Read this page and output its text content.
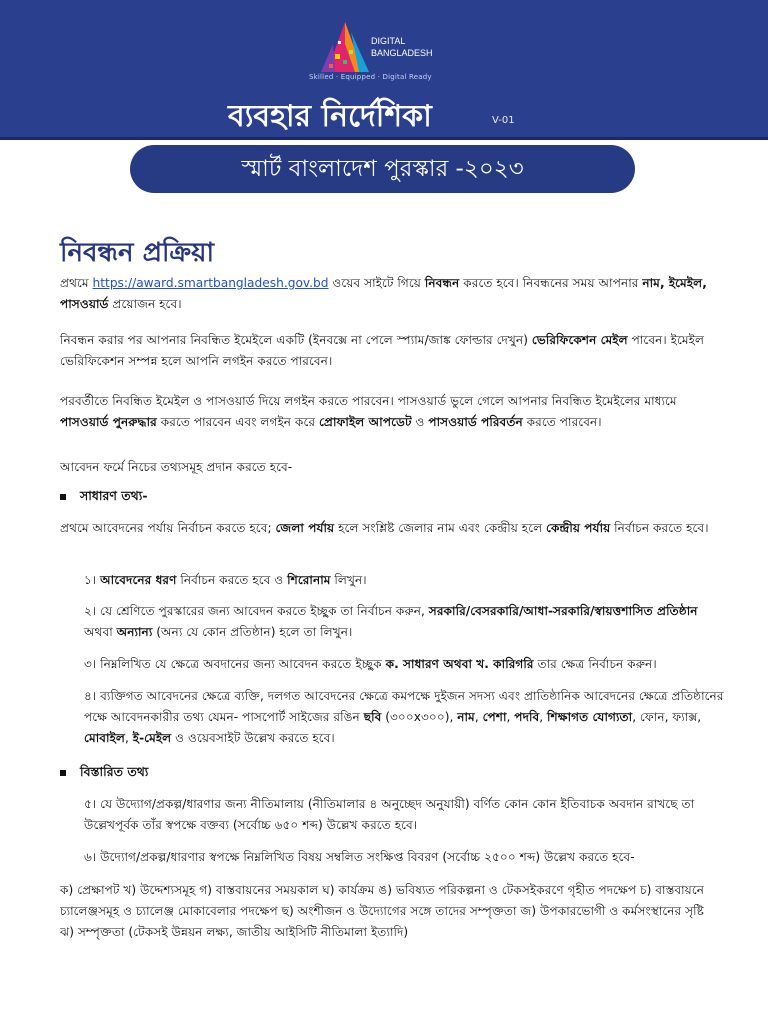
DIGITAL
BANGLADESH
Skilled · Equipped · Digital Ready
ব্যবহার নির্দেশিকা	V-01
স্মার্ট বাংলাদেশ পুরস্কার -২০২৩
নিবন্ধন প্রক্রিয়া

প্রথমে https://award.smartbangladesh.gov.bd ওয়েব সাইটে গিয়ে নিবন্ধন করতে হবে। নিবন্ধনের সময় আপনার নাম, ইমেইল, পাসওয়ার্ড প্রয়োজন হবে।

নিবন্ধন করার পর আপনার নিবন্ধিত ইমেইলে একটি (ইনবক্সে না পেলে স্প্যাম/জাঙ্ক ফোল্ডার দেখুন) ভেরিফিকেশন মেইল পাবেন। ইমেইল ভেরিফিকেশন সম্পন্ন হলে আপনি লগইন করতে পারবেন।

পরবর্তীতে নিবন্ধিত ইমেইল ও পাসওয়ার্ড দিয়ে লগইন করতে পারবেন। পাসওয়ার্ড ভুলে গেলে আপনার নিবন্ধিত ইমেইলের মাধ্যমে পাসওয়ার্ড পুনরুদ্ধার করতে পারবেন এবং লগইন করে প্রোফাইল আপডেট ও পাসওয়ার্ড পরিবর্তন করতে পারবেন।

আবেদন ফর্মে নিচের তথ্যসমূহ প্রদান করতে হবে-

সাধারণ তথ্য-

প্রথমে আবেদনের পর্যায় নির্বাচন করতে হবে; জেলা পর্যায় হলে সংশ্লিষ্ট জেলার নাম এবং কেন্দ্রীয় হলে কেন্দ্রীয় পর্যায় নির্বাচন করতে হবে।

১। আবেদনের ধরণ নির্বাচন করতে হবে ও শিরোনাম লিখুন।

২। যে শ্রেণিতে পুরস্কারের জন্য আবেদন করতে ইচ্ছুক তা নির্বাচন করুন, সরকারি/বেসরকারি/আধা-সরকারি/স্বায়ত্তশাসিত প্রতিষ্ঠান অথবা অন্যান্য (অন্য যে কোন প্রতিষ্ঠান) হলে তা লিখুন।

৩। নিম্নলিখিত যে ক্ষেত্রে অবদানের জন্য আবেদন করতে ইচ্ছুক ক. সাধারণ অথবা খ. কারিগরি তার ক্ষেত্র নির্বাচন করুন।

৪। ব্যক্তিগত আবেদনের ক্ষেত্রে ব্যক্তি, দলগত আবেদনের ক্ষেত্রে কমপক্ষে দুইজন সদস্য এবং প্রাতিষ্ঠানিক আবেদনের ক্ষেত্রে প্রতিষ্ঠানের পক্ষে আবেদনকারীর তথ্য যেমন- পাসপোর্ট সাইজের রঙিন ছবি (৩০০x৩০০), নাম, পেশা, পদবি, শিক্ষাগত যোগ্যতা, ফোন, ফ্যাক্স, মোবাইল, ই-মেইল ও ওয়েবসাইট উল্লেখ করতে হবে।

বিস্তারিত তথ্য

৫। যে উদ্যোগ/প্রকল্প/ধারণার জন্য নীতিমালায় (নীতিমালার ৪ অনুচ্ছেদ অনুযায়ী) বর্ণিত কোন কোন ইতিবাচক অবদান রাখছে তা উল্লেখপূর্বক তাঁর স্বপক্ষে বক্তব্য (সর্বোচ্চ ৬৫০ শব্দ) উল্লেখ করতে হবে।

৬। উদ্যোগ/প্রকল্প/ধারণার স্বপক্ষে নিম্নলিখিত বিষয় সম্বলিত সংক্ষিপ্ত বিবরণ (সর্বোচ্চ ২৫০০ শব্দ) উল্লেখ করতে হবে-

ক) প্রেক্ষাপট খ) উদ্দেশ্যসমূহ গ) বাস্তবায়নের সময়কাল ঘ) কার্যক্রম ঙ) ভবিষ্যত পরিকল্পনা ও টেকসইকরণে গৃহীত পদক্ষেপ চ) বাস্তবায়নে চ্যালেঞ্জসমূহ ও চ্যালেঞ্জ মোকাবেলার পদক্ষেপ ছ) অংশীজন ও উদ্যোগের সঙ্গে তাদের সম্পৃক্ততা জ) উপকারভোগী ও কর্মসংস্থানের সৃষ্টি ঝ) সম্পৃক্ততা (টেকসই উন্নয়ন লক্ষ্য, জাতীয় আইসিটি নীতিমালা ইত্যাদি)
